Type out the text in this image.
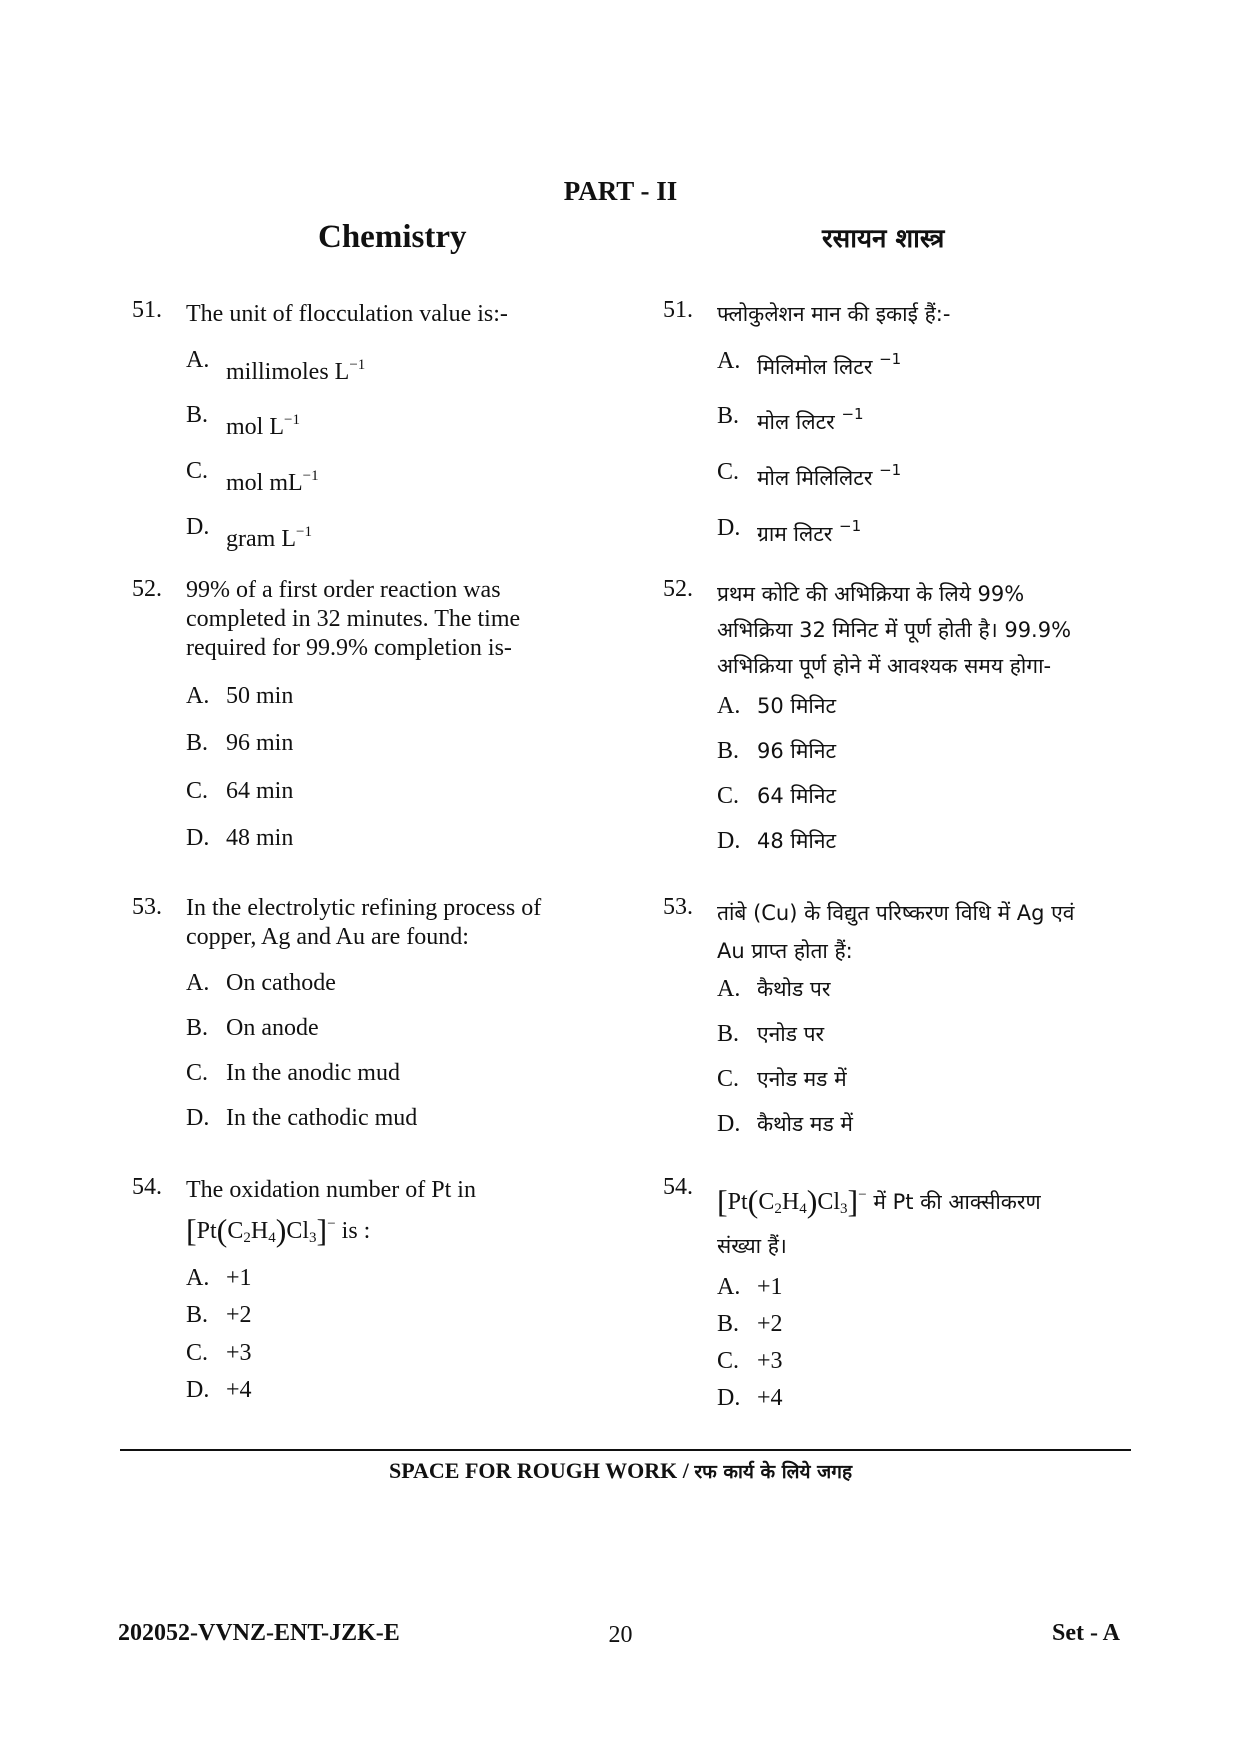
PART - II
Chemistry	रसायन शास्त्र
51. The unit of flocculation value is:-
A. millimoles $L^{-1}$
B. mol $L^{-1}$
C. mol $mL^{-1}$
D. gram $L^{-1}$
51. फ्लोकुलेशन मान की इकाई हैं:-
A. मिलिमोल लिटर $^{-1}$
B. मोल लिटर $^{-1}$
C. मोल मिलिलिटर $^{-1}$
D. ग्राम लिटर $^{-1}$
52. 99% of a first order reaction was
completed in 32 minutes. The time
required for 99.9% completion is-
A. 50 min
B. 96 min
C. 64 min
D. 48 min
52. प्रथम कोटि की अभिक्रिया के लिये 99%
अभिक्रिया 32 मिनिट में पूर्ण होती है। 99.9%
अभिक्रिया पूर्ण होने में आवश्यक समय होगा-
A. 50 मिनिट
B. 96 मिनिट
C. 64 मिनिट
D. 48 मिनिट
53. In the electrolytic refining process of
copper, Ag and Au are found:
A. On cathode
B. On anode
C. In the anodic mud
D. In the cathodic mud
53. तांबे (Cu) के विद्युत परिष्करण विधि में Ag एवं
Au प्राप्त होता हैं:
A. कैथोड पर
B. एनोड पर
C. एनोड मड में
D. कैथोड मड में
54. The oxidation number of Pt in
$[Pt(C_2H_4)Cl_3]^-$ is :
A. +1
B. +2
C. +3
D. +4
54. $[Pt(C_2H_4)Cl_3]^-$ में Pt की आक्सीकरण
संख्या हैं।
A. +1
B. +2
C. +3
D. +4
SPACE FOR ROUGH WORK / रफ कार्य के लिये जगह
202052-VVNZ-ENT-JZK-E	20	Set - A
